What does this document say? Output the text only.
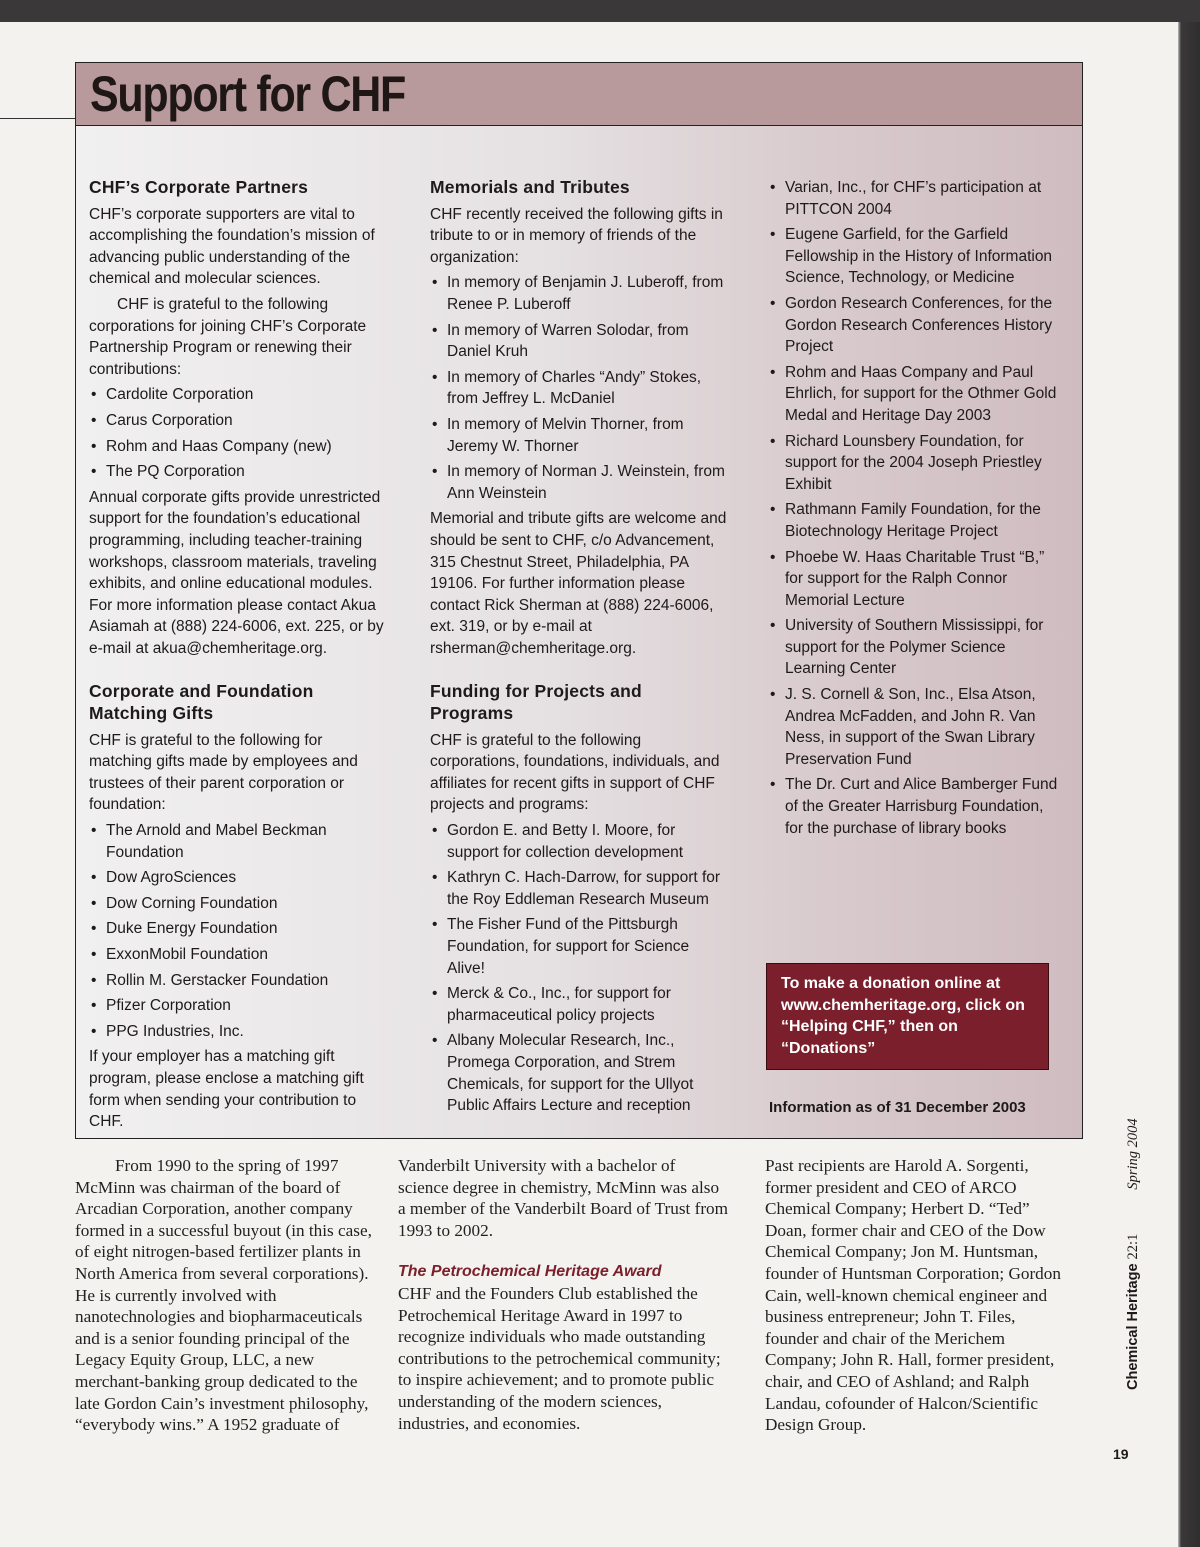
Support for CHF
CHF’s Corporate Partners

CHF’s corporate supporters are vital to accomplishing the foundation’s mission of advancing public understanding of the chemical and molecular sciences.

CHF is grateful to the following corporations for joining CHF’s Corporate Partnership Program or renewing their contributions:

• Cardolite Corporation
• Carus Corporation
• Rohm and Haas Company (new)
• The PQ Corporation

Annual corporate gifts provide unrestricted support for the foundation’s educational programming, including teacher-training workshops, classroom materials, traveling exhibits, and online educational modules. For more information please contact Akua Asiamah at (888) 224-6006, ext. 225, or by e-mail at akua@chemheritage.org.

Corporate and Foundation Matching Gifts

CHF is grateful to the following for matching gifts made by employees and trustees of their parent corporation or foundation:

• The Arnold and Mabel Beckman Foundation
• Dow AgroSciences
• Dow Corning Foundation
• Duke Energy Foundation
• ExxonMobil Foundation
• Rollin M. Gerstacker Foundation
• Pfizer Corporation
• PPG Industries, Inc.

If your employer has a matching gift program, please enclose a matching gift form when sending your contribution to CHF.

Memorials and Tributes

CHF recently received the following gifts in tribute to or in memory of friends of the organization:

• In memory of Benjamin J. Luberoff, from Renee P. Luberoff
• In memory of Warren Solodar, from Daniel Kruh
• In memory of Charles “Andy” Stokes, from Jeffrey L. McDaniel
• In memory of Melvin Thorner, from Jeremy W. Thorner
• In memory of Norman J. Weinstein, from Ann Weinstein

Memorial and tribute gifts are welcome and should be sent to CHF, c/o Advancement, 315 Chestnut Street, Philadelphia, PA 19106. For further information please contact Rick Sherman at (888) 224-6006, ext. 319, or by e-mail at rsherman@chemheritage.org.

Funding for Projects and Programs

CHF is grateful to the following corporations, foundations, individuals, and affiliates for recent gifts in support of CHF projects and programs:

• Gordon E. and Betty I. Moore, for support for collection development
• Kathryn C. Hach-Darrow, for support for the Roy Eddleman Research Museum
• The Fisher Fund of the Pittsburgh Foundation, for support for Science Alive!
• Merck & Co., Inc., for support for pharmaceutical policy projects
• Albany Molecular Research, Inc., Promega Corporation, and Strem Chemicals, for support for the Ullyot Public Affairs Lecture and reception
• Varian, Inc., for CHF’s participation at PITTCON 2004
• Eugene Garfield, for the Garfield Fellowship in the History of Information Science, Technology, or Medicine
• Gordon Research Conferences, for the Gordon Research Conferences History Project
• Rohm and Haas Company and Paul Ehrlich, for support for the Othmer Gold Medal and Heritage Day 2003
• Richard Lounsbery Foundation, for support for the 2004 Joseph Priestley Exhibit
• Rathmann Family Foundation, for the Biotechnology Heritage Project
• Phoebe W. Haas Charitable Trust “B,” for support for the Ralph Connor Memorial Lecture
• University of Southern Mississippi, for support for the Polymer Science Learning Center
• J. S. Cornell & Son, Inc., Elsa Atson, Andrea McFadden, and John R. Van Ness, in support of the Swan Library Preservation Fund
• The Dr. Curt and Alice Bamberger Fund of the Greater Harrisburg Foundation, for the purchase of library books
To make a donation online at www.chemheritage.org, click on “Helping CHF,” then on “Donations”
Information as of 31 December 2003

From 1990 to the spring of 1997 McMinn was chairman of the board of Arcadian Corporation, another company formed in a successful buyout (in this case, of eight nitrogen-based fertilizer plants in North America from several corporations). He is currently involved with nanotechnologies and biopharmaceuticals and is a senior founding principal of the Legacy Equity Group, LLC, a new merchant-banking group dedicated to the late Gordon Cain’s investment philosophy, “everybody wins.” A 1952 graduate of

Vanderbilt University with a bachelor of science degree in chemistry, McMinn was also a member of the Vanderbilt Board of Trust from 1993 to 2002.

The Petrochemical Heritage Award

CHF and the Founders Club established the Petrochemical Heritage Award in 1997 to recognize individuals who made outstanding contributions to the petrochemical community; to inspire achievement; and to promote public understanding of the modern sciences, industries, and economies.

Past recipients are Harold A. Sorgenti, former president and CEO of ARCO Chemical Company; Herbert D. “Ted” Doan, former chair and CEO of the Dow Chemical Company; Jon M. Huntsman, founder of Huntsman Corporation; Gordon Cain, well-known chemical engineer and business entrepreneur; John T. Files, founder and chair of the Merichem Company; John R. Hall, former president, chair, and CEO of Ashland; and Ralph Landau, cofounder of Halcon/Scientific Design Group.

Chemical Heritage 22:1 Spring 2004
19
